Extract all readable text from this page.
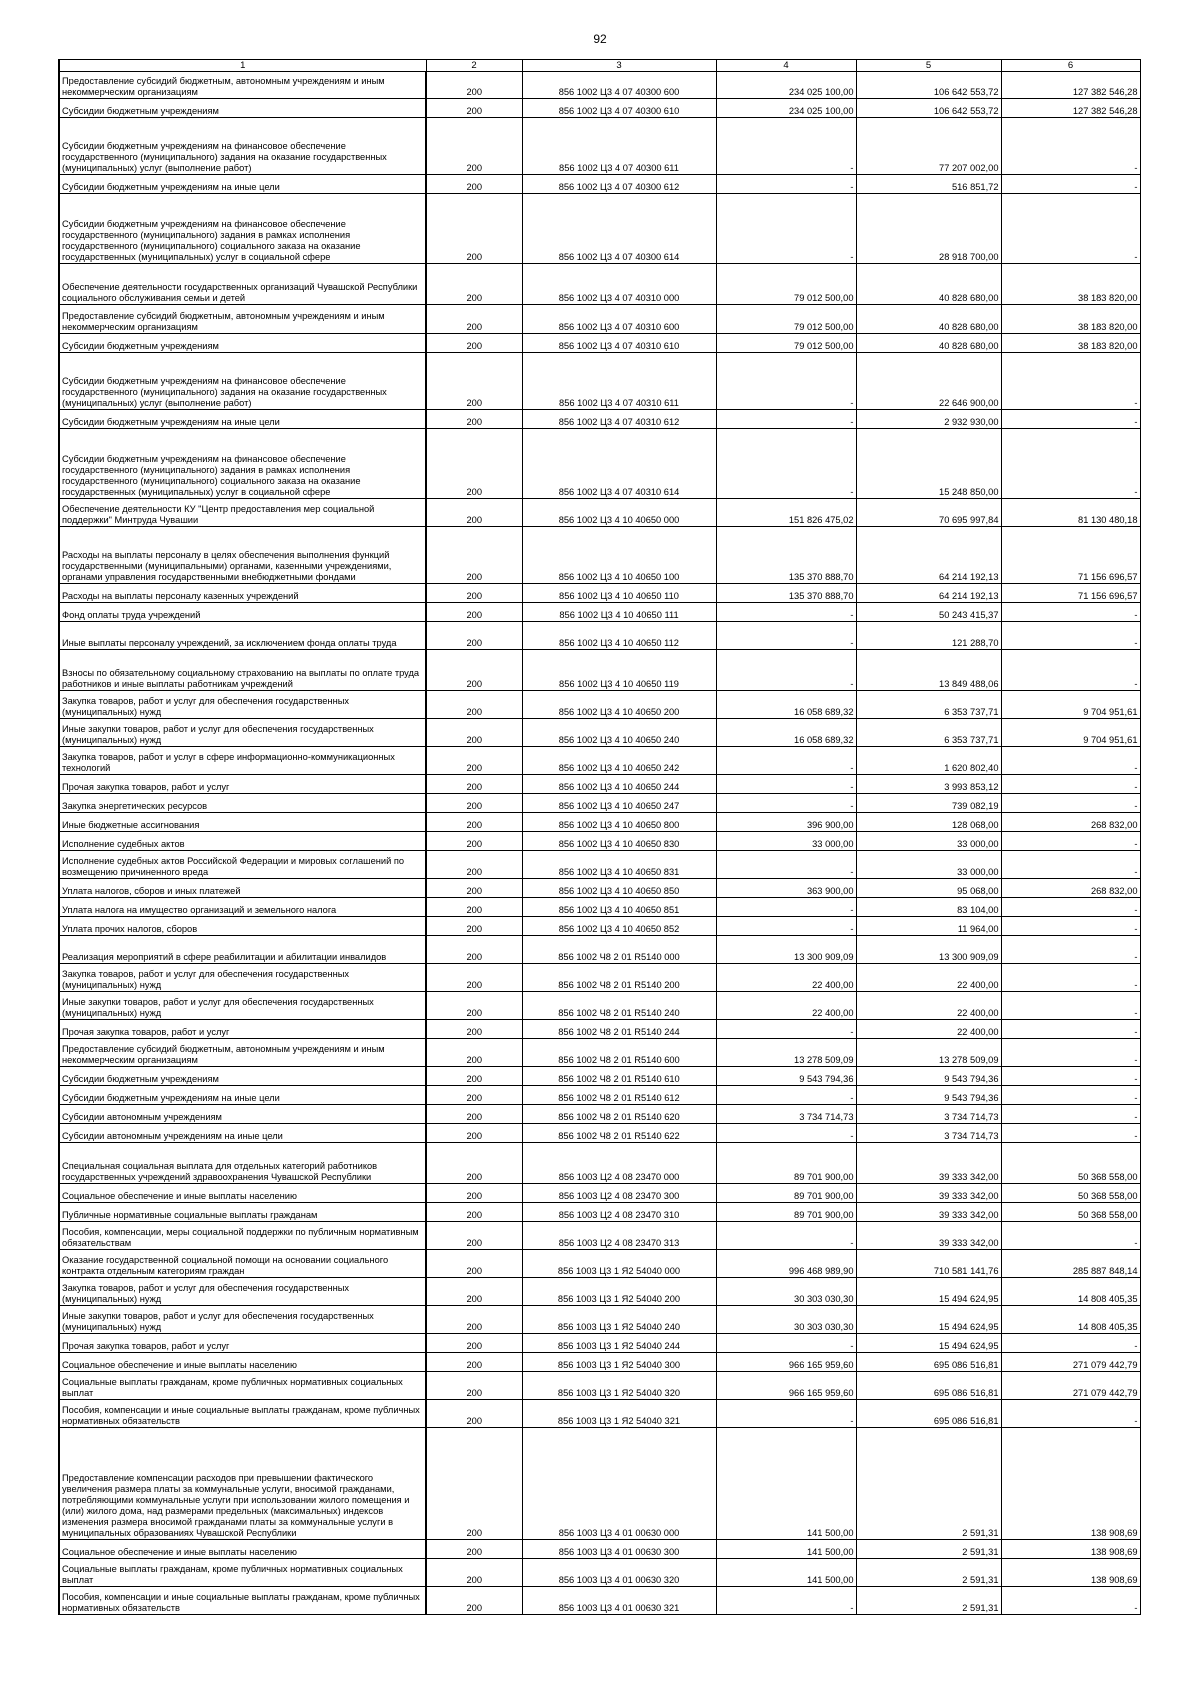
92
1	2	3	4	5	6
Предоставление субсидий бюджетным, автономным учреждениям и иным некоммерческим организациям	200	856 1002 Ц3 4 07 40300 600	234 025 100,00	106 642 553,72	127 382 546,28
Субсидии бюджетным учреждениям	200	856 1002 Ц3 4 07 40300 610	234 025 100,00	106 642 553,72	127 382 546,28
Субсидии бюджетным учреждениям на финансовое обеспечение государственного (муниципального) задания на оказание государственных (муниципальных) услуг (выполнение работ)	200	856 1002 Ц3 4 07 40300 611	-	77 207 002,00	-
Субсидии бюджетным учреждениям на иные цели	200	856 1002 Ц3 4 07 40300 612	-	516 851,72	-
Субсидии бюджетным учреждениям на финансовое обеспечение государственного (муниципального) задания в рамках исполнения государственного (муниципального) социального заказа на оказание государственных (муниципальных) услуг в социальной сфере	200	856 1002 Ц3 4 07 40300 614	-	28 918 700,00	-
Обеспечение деятельности государственных организаций Чувашской Республики социального обслуживания семьи и детей	200	856 1002 Ц3 4 07 40310 000	79 012 500,00	40 828 680,00	38 183 820,00
Предоставление субсидий бюджетным, автономным учреждениям и иным некоммерческим организациям	200	856 1002 Ц3 4 07 40310 600	79 012 500,00	40 828 680,00	38 183 820,00
Субсидии бюджетным учреждениям	200	856 1002 Ц3 4 07 40310 610	79 012 500,00	40 828 680,00	38 183 820,00
Субсидии бюджетным учреждениям на финансовое обеспечение государственного (муниципального) задания на оказание государственных (муниципальных) услуг (выполнение работ)	200	856 1002 Ц3 4 07 40310 611	-	22 646 900,00	-
Субсидии бюджетным учреждениям на иные цели	200	856 1002 Ц3 4 07 40310 612	-	2 932 930,00	-
Субсидии бюджетным учреждениям на финансовое обеспечение государственного (муниципального) задания в рамках исполнения государственного (муниципального) социального заказа на оказание государственных (муниципальных) услуг в социальной сфере	200	856 1002 Ц3 4 07 40310 614	-	15 248 850,00	-
Обеспечение деятельности КУ "Центр предоставления мер социальной поддержки" Минтруда Чувашии	200	856 1002 Ц3 4 10 40650 000	151 826 475,02	70 695 997,84	81 130 480,18
Расходы на выплаты персоналу в целях обеспечения выполнения функций государственными (муниципальными) органами, казенными учреждениями, органами управления государственными внебюджетными фондами	200	856 1002 Ц3 4 10 40650 100	135 370 888,70	64 214 192,13	71 156 696,57
Расходы на выплаты персоналу казенных учреждений	200	856 1002 Ц3 4 10 40650 110	135 370 888,70	64 214 192,13	71 156 696,57
Фонд оплаты труда учреждений	200	856 1002 Ц3 4 10 40650 111	-	50 243 415,37	-
Иные выплаты персоналу учреждений, за исключением фонда оплаты труда	200	856 1002 Ц3 4 10 40650 112	-	121 288,70	-
Взносы по обязательному социальному страхованию на выплаты по оплате труда работников и иные выплаты работникам учреждений	200	856 1002 Ц3 4 10 40650 119	-	13 849 488,06	-
Закупка товаров, работ и услуг для обеспечения государственных (муниципальных) нужд	200	856 1002 Ц3 4 10 40650 200	16 058 689,32	6 353 737,71	9 704 951,61
Иные закупки товаров, работ и услуг для обеспечения государственных (муниципальных) нужд	200	856 1002 Ц3 4 10 40650 240	16 058 689,32	6 353 737,71	9 704 951,61
Закупка товаров, работ и услуг в сфере информационно-коммуникационных технологий	200	856 1002 Ц3 4 10 40650 242	-	1 620 802,40	-
Прочая закупка товаров, работ и услуг	200	856 1002 Ц3 4 10 40650 244	-	3 993 853,12	-
Закупка энергетических ресурсов	200	856 1002 Ц3 4 10 40650 247	-	739 082,19	-
Иные бюджетные ассигнования	200	856 1002 Ц3 4 10 40650 800	396 900,00	128 068,00	268 832,00
Исполнение судебных актов	200	856 1002 Ц3 4 10 40650 830	33 000,00	33 000,00	-
Исполнение судебных актов Российской Федерации и мировых соглашений по возмещению причиненного вреда	200	856 1002 Ц3 4 10 40650 831	-	33 000,00	-
Уплата налогов, сборов и иных платежей	200	856 1002 Ц3 4 10 40650 850	363 900,00	95 068,00	268 832,00
Уплата налога на имущество организаций и земельного налога	200	856 1002 Ц3 4 10 40650 851	-	83 104,00	-
Уплата прочих налогов, сборов	200	856 1002 Ц3 4 10 40650 852	-	11 964,00	-
Реализация мероприятий в сфере реабилитации и абилитации инвалидов	200	856 1002 Ч8 2 01 R5140 000	13 300 909,09	13 300 909,09	-
Закупка товаров, работ и услуг для обеспечения государственных (муниципальных) нужд	200	856 1002 Ч8 2 01 R5140 200	22 400,00	22 400,00	-
Иные закупки товаров, работ и услуг для обеспечения государственных (муниципальных) нужд	200	856 1002 Ч8 2 01 R5140 240	22 400,00	22 400,00	-
Прочая закупка товаров, работ и услуг	200	856 1002 Ч8 2 01 R5140 244	-	22 400,00	-
Предоставление субсидий бюджетным, автономным учреждениям и иным некоммерческим организациям	200	856 1002 Ч8 2 01 R5140 600	13 278 509,09	13 278 509,09	-
Субсидии бюджетным учреждениям	200	856 1002 Ч8 2 01 R5140 610	9 543 794,36	9 543 794,36	-
Субсидии бюджетным учреждениям на иные цели	200	856 1002 Ч8 2 01 R5140 612	-	9 543 794,36	-
Субсидии автономным учреждениям	200	856 1002 Ч8 2 01 R5140 620	3 734 714,73	3 734 714,73	-
Субсидии автономным учреждениям на иные цели	200	856 1002 Ч8 2 01 R5140 622	-	3 734 714,73	-
Специальная социальная выплата для отдельных категорий работников государственных учреждений здравоохранения Чувашской Республики	200	856 1003 Ц2 4 08 23470 000	89 701 900,00	39 333 342,00	50 368 558,00
Социальное обеспечение и иные выплаты населению	200	856 1003 Ц2 4 08 23470 300	89 701 900,00	39 333 342,00	50 368 558,00
Публичные нормативные социальные выплаты гражданам	200	856 1003 Ц2 4 08 23470 310	89 701 900,00	39 333 342,00	50 368 558,00
Пособия, компенсации, меры социальной поддержки по публичным нормативным обязательствам	200	856 1003 Ц2 4 08 23470 313	-	39 333 342,00	-
Оказание государственной социальной помощи на основании социального контракта отдельным категориям граждан	200	856 1003 Ц3 1 Я2 54040 000	996 468 989,90	710 581 141,76	285 887 848,14
Закупка товаров, работ и услуг для обеспечения государственных (муниципальных) нужд	200	856 1003 Ц3 1 Я2 54040 200	30 303 030,30	15 494 624,95	14 808 405,35
Иные закупки товаров, работ и услуг для обеспечения государственных (муниципальных) нужд	200	856 1003 Ц3 1 Я2 54040 240	30 303 030,30	15 494 624,95	14 808 405,35
Прочая закупка товаров, работ и услуг	200	856 1003 Ц3 1 Я2 54040 244	-	15 494 624,95	-
Социальное обеспечение и иные выплаты населению	200	856 1003 Ц3 1 Я2 54040 300	966 165 959,60	695 086 516,81	271 079 442,79
Социальные выплаты гражданам, кроме публичных нормативных социальных выплат	200	856 1003 Ц3 1 Я2 54040 320	966 165 959,60	695 086 516,81	271 079 442,79
Пособия, компенсации и иные социальные выплаты гражданам, кроме публичных нормативных обязательств	200	856 1003 Ц3 1 Я2 54040 321	-	695 086 516,81	-
Предоставление компенсации расходов при превышении фактического увеличения размера платы за коммунальные услуги, вносимой гражданами, потребляющими коммунальные услуги при использовании жилого помещения и (или) жилого дома, над размерами предельных (максимальных) индексов изменения размера вносимой гражданами платы за коммунальные услуги в муниципальных образованиях Чувашской Республики	200	856 1003 Ц3 4 01 00630 000	141 500,00	2 591,31	138 908,69
Социальное обеспечение и иные выплаты населению	200	856 1003 Ц3 4 01 00630 300	141 500,00	2 591,31	138 908,69
Социальные выплаты гражданам, кроме публичных нормативных социальных выплат	200	856 1003 Ц3 4 01 00630 320	141 500,00	2 591,31	138 908,69
Пособия, компенсации и иные социальные выплаты гражданам, кроме публичных нормативных обязательств	200	856 1003 Ц3 4 01 00630 321	-	2 591,31	-
